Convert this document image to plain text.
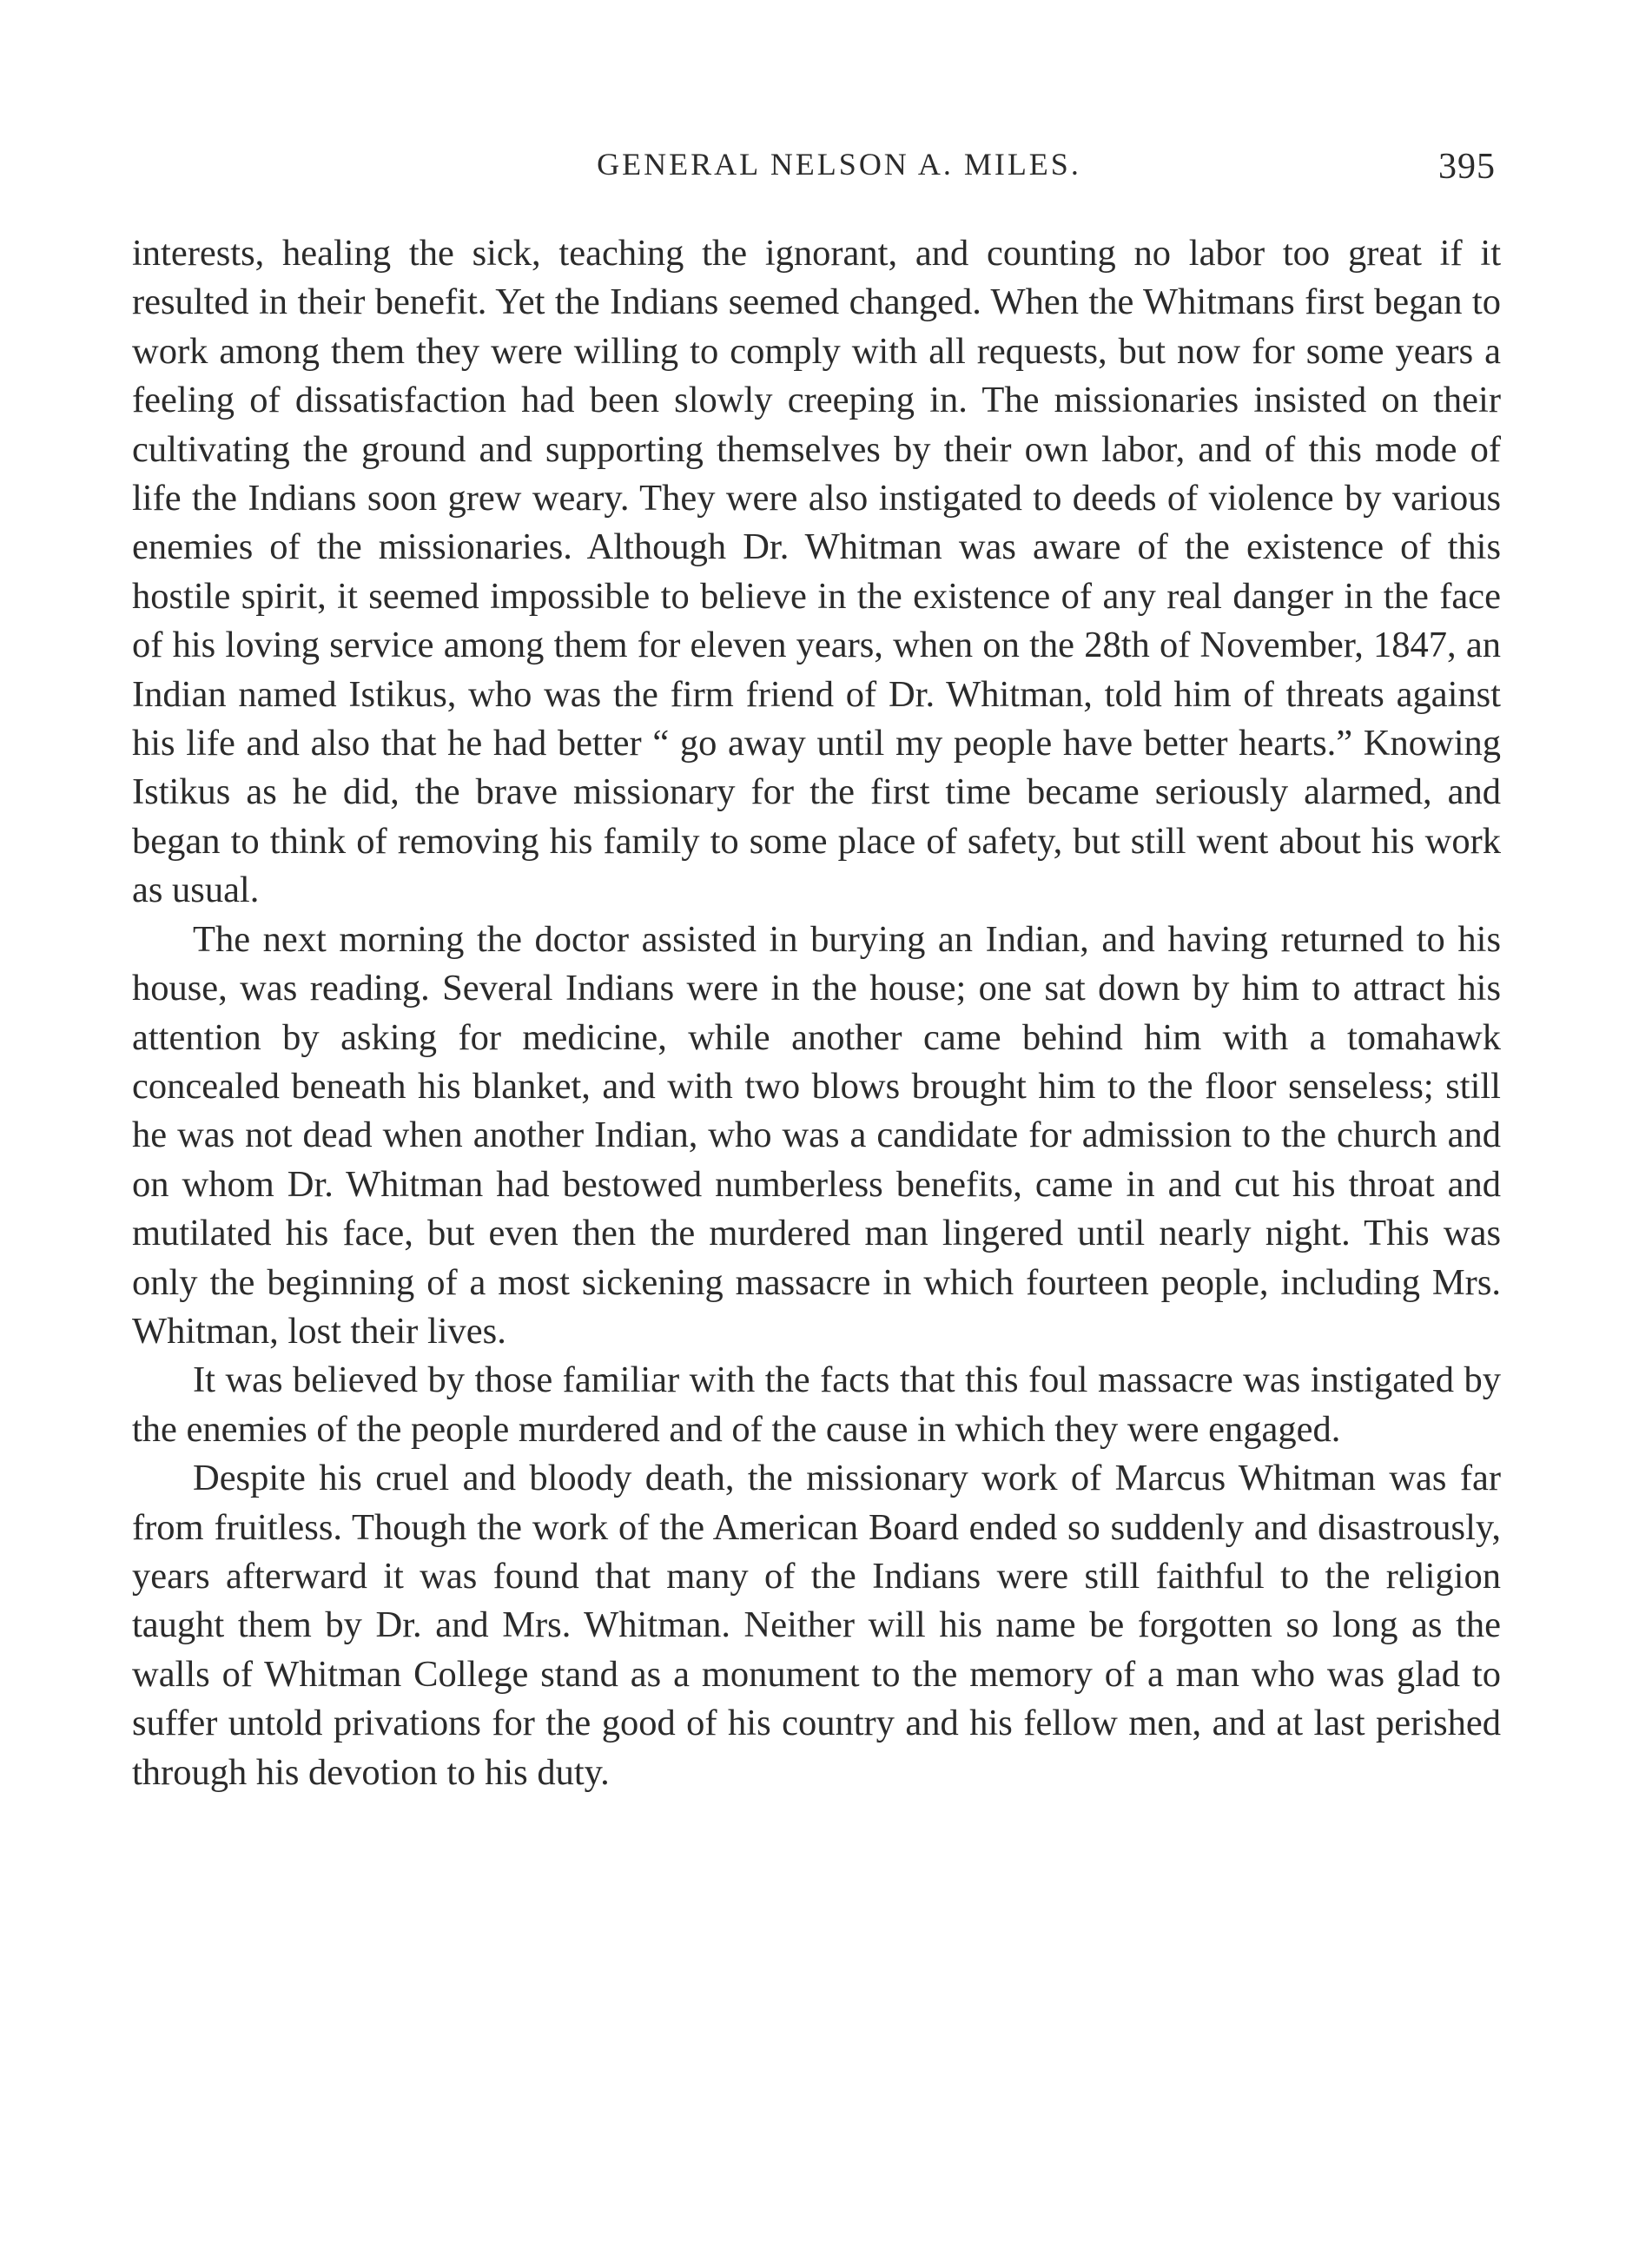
GENERAL NELSON A. MILES.	395

interests, healing the sick, teaching the ignorant, and counting no labor too great if it resulted in their benefit. Yet the Indians seemed changed. When the Whitmans first began to work among them they were willing to comply with all requests, but now for some years a feeling of dissatisfaction had been slowly creeping in. The missionaries insisted on their cultivating the ground and supporting themselves by their own labor, and of this mode of life the Indians soon grew weary. They were also instigated to deeds of violence by various enemies of the missionaries. Although Dr. Whitman was aware of the existence of this hostile spirit, it seemed impossible to believe in the existence of any real danger in the face of his loving service among them for eleven years, when on the 28th of November, 1847, an Indian named Istikus, who was the firm friend of Dr. Whitman, told him of threats against his life and also that he had better “ go away until my people have better hearts.” Knowing Istikus as he did, the brave missionary for the first time became seriously alarmed, and began to think of removing his family to some place of safety, but still went about his work as usual.

The next morning the doctor assisted in burying an Indian, and having returned to his house, was reading. Several Indians were in the house; one sat down by him to attract his attention by asking for medicine, while another came behind him with a tomahawk concealed beneath his blanket, and with two blows brought him to the floor senseless; still he was not dead when another Indian, who was a candidate for admission to the church and on whom Dr. Whitman had bestowed numberless benefits, came in and cut his throat and mutilated his face, but even then the murdered man lingered until nearly night. This was only the beginning of a most sickening massacre in which fourteen people, including Mrs. Whitman, lost their lives.

It was believed by those familiar with the facts that this foul massacre was instigated by the enemies of the people murdered and of the cause in which they were engaged.

Despite his cruel and bloody death, the missionary work of Marcus Whitman was far from fruitless. Though the work of the American Board ended so suddenly and disastrously, years afterward it was found that many of the Indians were still faithful to the religion taught them by Dr. and Mrs. Whitman. Neither will his name be forgotten so long as the walls of Whitman College stand as a monument to the memory of a man who was glad to suffer untold privations for the good of his country and his fellow men, and at last perished through his devotion to his duty.
